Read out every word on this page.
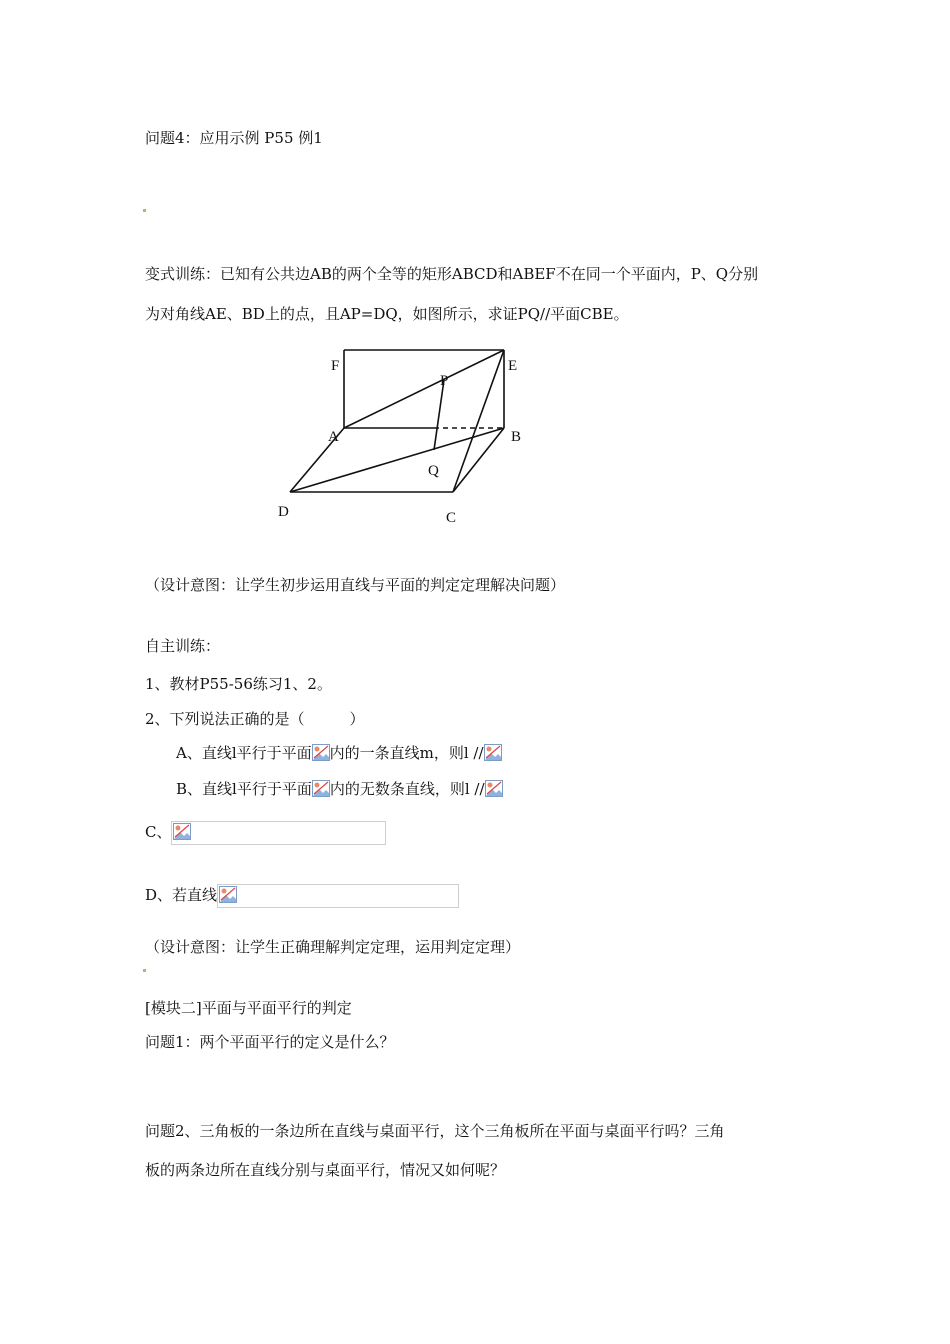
问题4：应用示例 P55 例1
变式训练：已知有公共边AB的两个全等的矩形ABCD和ABEF不在同一个平面内，P、Q分别
为对角线AE、BD上的点，且AP=DQ，如图所示，求证PQ//平面CBE。
F	E
P
A	B
Q
D	C
（设计意图：让学生初步运用直线与平面的判定定理解决问题）
自主训练：
1、教材P55-56练习1、2。
2、下列说法正确的是（　　　）
A、直线l平行于平面 内的一条直线m，则l //
B、直线l平行于平面 内的无数条直线，则l //
C、
D、若直线
（设计意图：让学生正确理解判定定理，运用判定定理）
[模块二]平面与平面平行的判定
问题1：两个平面平行的定义是什么？
问题2、三角板的一条边所在直线与桌面平行，这个三角板所在平面与桌面平行吗？三角
板的两条边所在直线分别与桌面平行，情况又如何呢？
